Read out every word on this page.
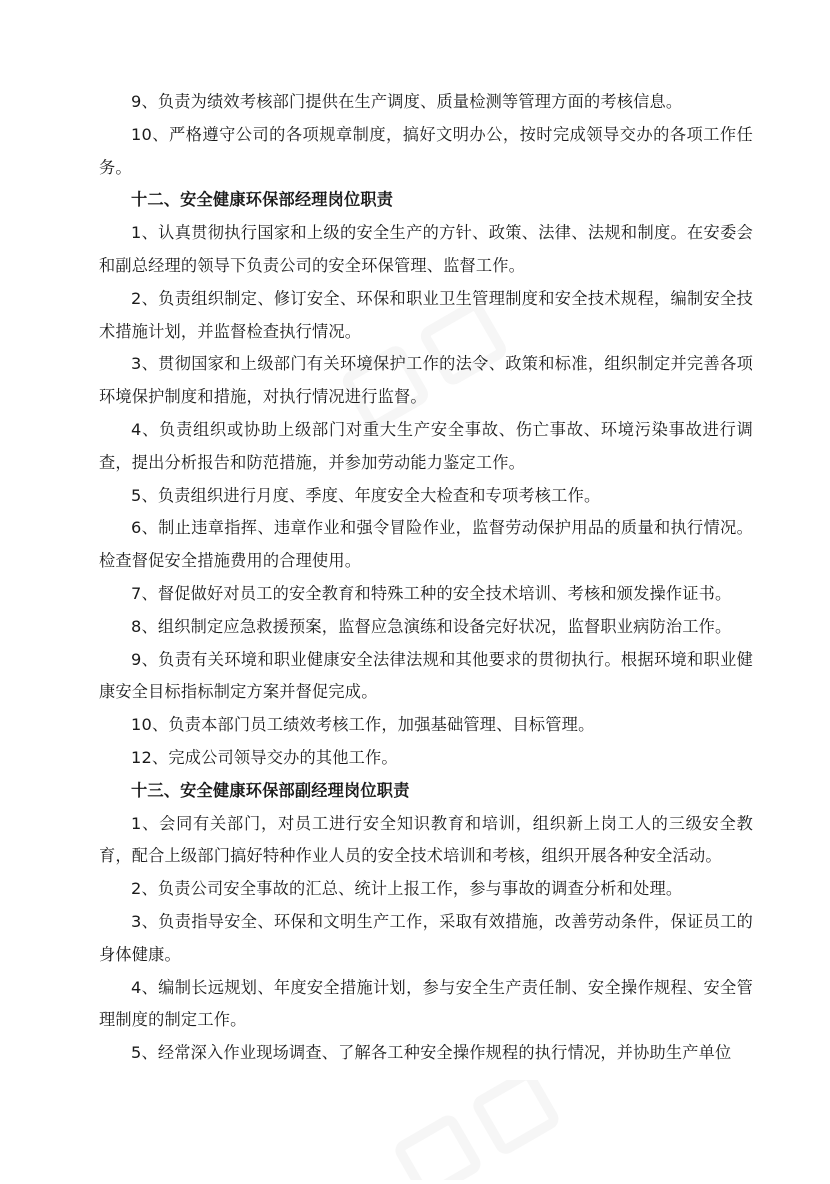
9、负责为绩效考核部门提供在生产调度、质量检测等管理方面的考核信息。

10、严格遵守公司的各项规章制度，搞好文明办公，按时完成领导交办的各项工作任务。

十二、安全健康环保部经理岗位职责

1、认真贯彻执行国家和上级的安全生产的方针、政策、法律、法规和制度。在安委会和副总经理的领导下负责公司的安全环保管理、监督工作。

2、负责组织制定、修订安全、环保和职业卫生管理制度和安全技术规程，编制安全技术措施计划，并监督检查执行情况。

3、贯彻国家和上级部门有关环境保护工作的法令、政策和标准，组织制定并完善各项环境保护制度和措施，对执行情况进行监督。

4、负责组织或协助上级部门对重大生产安全事故、伤亡事故、环境污染事故进行调查，提出分析报告和防范措施，并参加劳动能力鉴定工作。

5、负责组织进行月度、季度、年度安全大检查和专项考核工作。

6、制止违章指挥、违章作业和强令冒险作业，监督劳动保护用品的质量和执行情况。检查督促安全措施费用的合理使用。

7、督促做好对员工的安全教育和特殊工种的安全技术培训、考核和颁发操作证书。

8、组织制定应急救援预案，监督应急演练和设备完好状况，监督职业病防治工作。

9、负责有关环境和职业健康安全法律法规和其他要求的贯彻执行。根据环境和职业健康安全目标指标制定方案并督促完成。

10、负责本部门员工绩效考核工作，加强基础管理、目标管理。

12、完成公司领导交办的其他工作。

十三、安全健康环保部副经理岗位职责

1、会同有关部门，对员工进行安全知识教育和培训，组织新上岗工人的三级安全教育，配合上级部门搞好特种作业人员的安全技术培训和考核，组织开展各种安全活动。

2、负责公司安全事故的汇总、统计上报工作，参与事故的调查分析和处理。

3、负责指导安全、环保和文明生产工作，采取有效措施，改善劳动条件，保证员工的身体健康。

4、编制长远规划、年度安全措施计划，参与安全生产责任制、安全操作规程、安全管理制度的制定工作。

5、经常深入作业现场调查、了解各工种安全操作规程的执行情况，并协助生产单位
